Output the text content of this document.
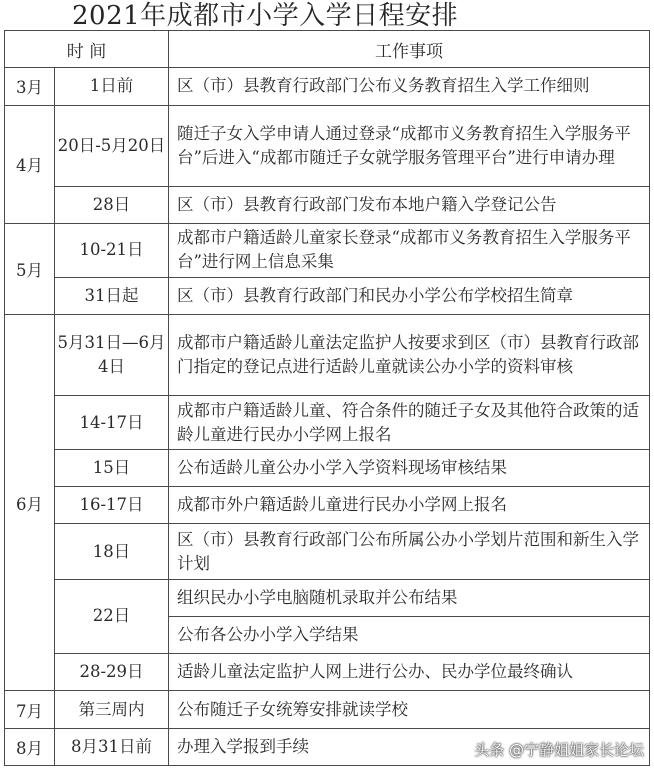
2021年成都市小学入学日程安排
时 间		工作事项
3月	1日前	区（市）县教育行政部门公布义务教育招生入学工作细则
4月	20日-5月20日	随迁子女入学申请人通过登录“成都市义务教育招生入学服务平台”后进入“成都市随迁子女就学服务管理平台”进行申请办理
	28日	区（市）县教育行政部门发布本地户籍入学登记公告
5月	10-21日	成都市户籍适龄儿童家长登录“成都市义务教育招生入学服务平台”进行网上信息采集
	31日起	区（市）县教育行政部门和民办小学公布学校招生简章
6月	5月31日—6月4日	成都市户籍适龄儿童法定监护人按要求到区（市）县教育行政部门指定的登记点进行适龄儿童就读公办小学的资料审核
	14-17日	成都市户籍适龄儿童、符合条件的随迁子女及其他符合政策的适龄儿童进行民办小学网上报名
	15日	公布适龄儿童公办小学入学资料现场审核结果
	16-17日	成都市外户籍适龄儿童进行民办小学网上报名
	18日	区（市）县教育行政部门公布所属公办小学划片范围和新生入学计划
	22日	组织民办小学电脑随机录取并公布结果
		公布各公办小学入学结果
	28-29日	适龄儿童法定监护人网上进行公办、民办学位最终确认
7月	第三周内	公布随迁子女统筹安排就读学校
8月	8月31日前	办理入学报到手续	头条 @宁静姐姐家长论坛
